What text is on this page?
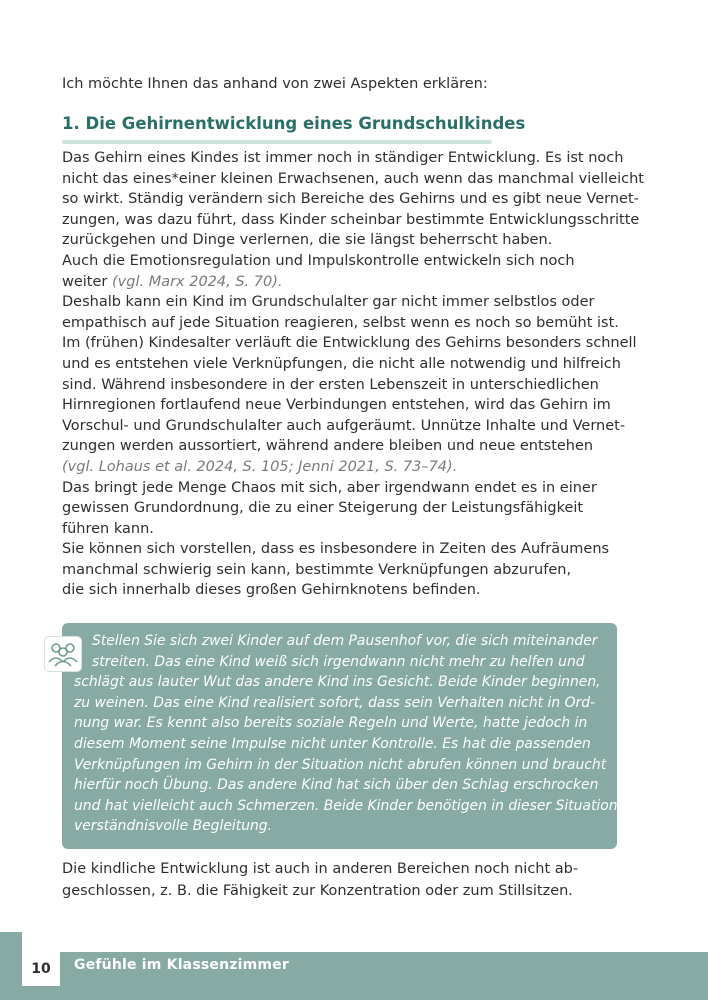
Ich möchte Ihnen das anhand von zwei Aspekten erklären:

1. Die Gehirnentwicklung eines Grundschulkindes
Das Gehirn eines Kindes ist immer noch in ständiger Entwicklung. Es ist noch
nicht das eines*einer kleinen Erwachsenen, auch wenn das manchmal vielleicht
so wirkt. Ständig verändern sich Bereiche des Gehirns und es gibt neue Vernet-
zungen, was dazu führt, dass Kinder scheinbar bestimmte Entwicklungsschritte
zurückgehen und Dinge verlernen, die sie längst beherrscht haben.
Auch die Emotionsregulation und Impulskontrolle entwickeln sich noch
weiter (vgl. Marx 2024, S. 70).
Deshalb kann ein Kind im Grundschulalter gar nicht immer selbstlos oder
empathisch auf jede Situation reagieren, selbst wenn es noch so bemüht ist.
Im (frühen) Kindesalter verläuft die Entwicklung des Gehirns besonders schnell
und es entstehen viele Verknüpfungen, die nicht alle notwendig und hilfreich
sind. Während insbesondere in der ersten Lebenszeit in unterschiedlichen
Hirnregionen fortlaufend neue Verbindungen entstehen, wird das Gehirn im
Vorschul- und Grundschulalter auch aufgeräumt. Unnütze Inhalte und Vernet-
zungen werden aussortiert, während andere bleiben und neue entstehen
(vgl. Lohaus et al. 2024, S. 105; Jenni 2021, S. 73–74).
Das bringt jede Menge Chaos mit sich, aber irgendwann endet es in einer
gewissen Grundordnung, die zu einer Steigerung der Leistungsfähigkeit
führen kann.
Sie können sich vorstellen, dass es insbesondere in Zeiten des Aufräumens
manchmal schwierig sein kann, bestimmte Verknüpfungen abzurufen,
die sich innerhalb dieses großen Gehirnknotens befinden.
Stellen Sie sich zwei Kinder auf dem Pausenhof vor, die sich miteinander
streiten. Das eine Kind weiß sich irgendwann nicht mehr zu helfen und
schlägt aus lauter Wut das andere Kind ins Gesicht. Beide Kinder beginnen,
zu weinen. Das eine Kind realisiert sofort, dass sein Verhalten nicht in Ord-
nung war. Es kennt also bereits soziale Regeln und Werte, hatte jedoch in
diesem Moment seine Impulse nicht unter Kontrolle. Es hat die passenden
Verknüpfungen im Gehirn in der Situation nicht abrufen können und braucht
hierfür noch Übung. Das andere Kind hat sich über den Schlag erschrocken
und hat vielleicht auch Schmerzen. Beide Kinder benötigen in dieser Situation
verständnisvolle Begleitung.
Die kindliche Entwicklung ist auch in anderen Bereichen noch nicht ab-
geschlossen, z. B. die Fähigkeit zur Konzentration oder zum Stillsitzen.
10	Gefühle im Klassenzimmer
